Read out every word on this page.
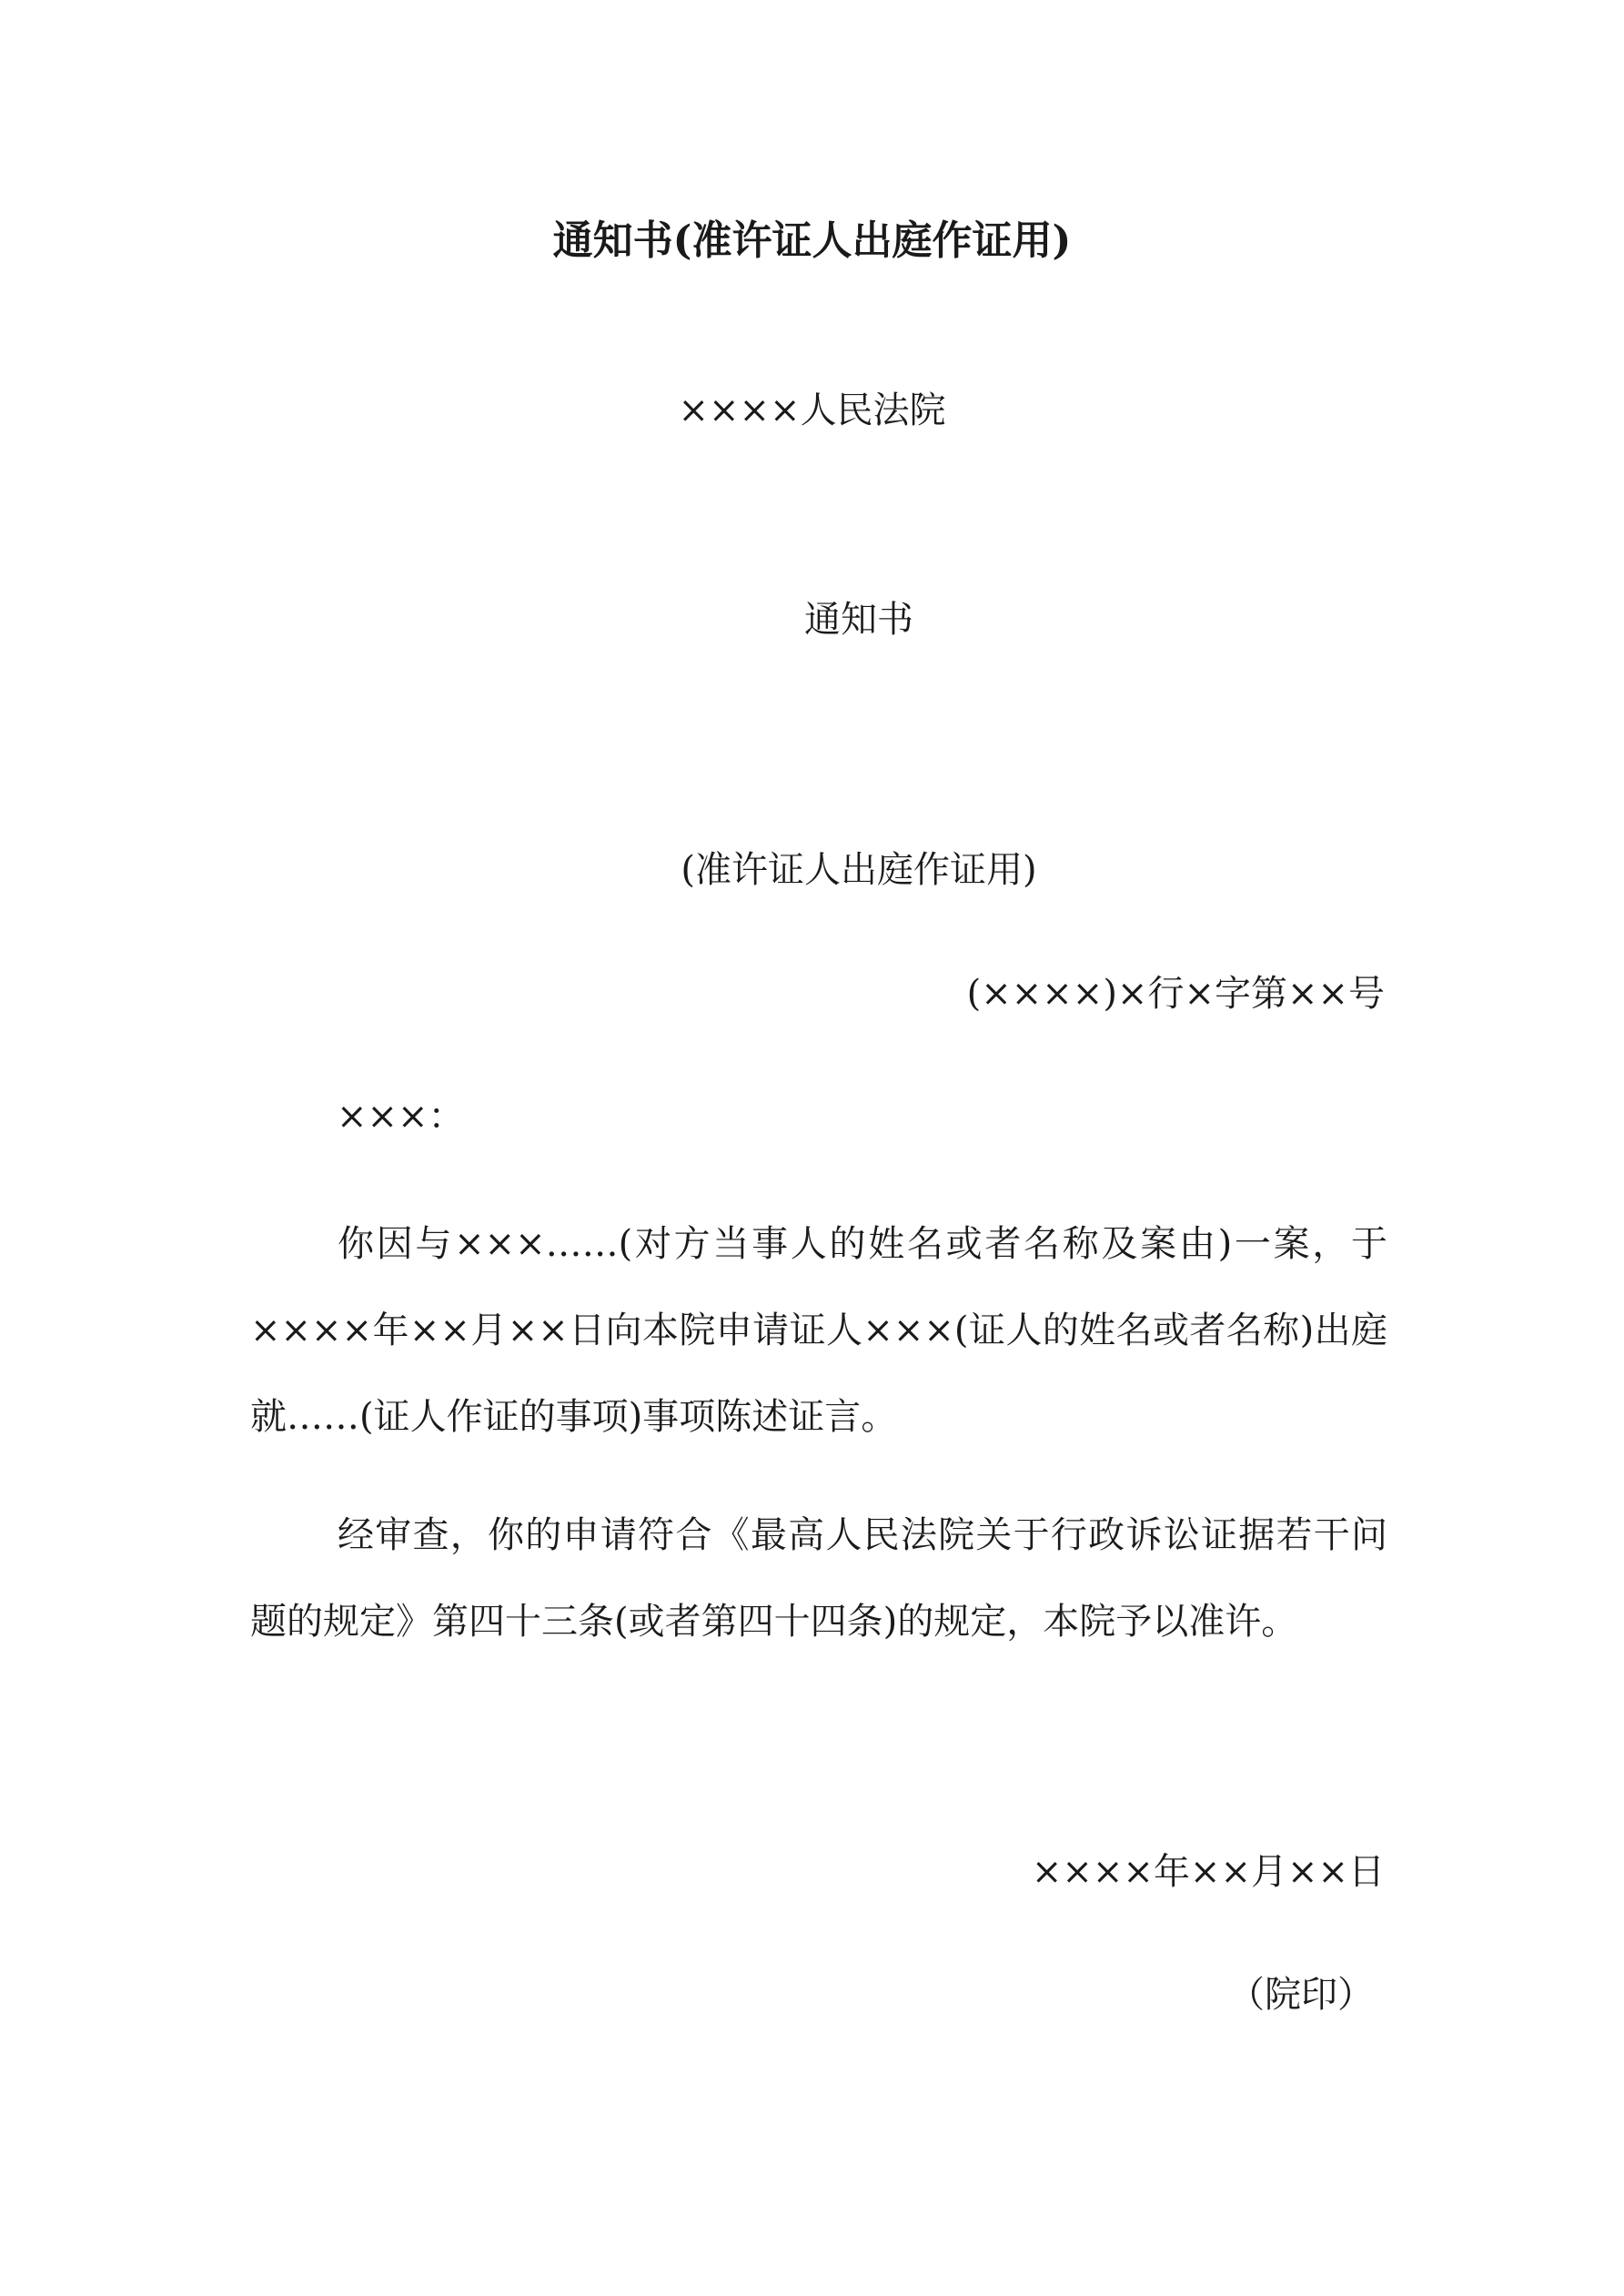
通知书(准许证人出庭作证用)
××××人民法院
通知书
(准许证人出庭作证用)
(××××)×行×字第××号
×××：
你因与×××……(对方当事人的姓名或者名称及案由)一案，于××××年××月××日向本院申请证人×××(证人的姓名或者名称)出庭就……(证人作证的事项)事项陈述证言。
经审查，你的申请符合《最高人民法院关于行政诉讼证据若干问题的规定》第四十三条(或者第四十四条)的规定，本院予以准许。
××××年××月××日
（院印）
